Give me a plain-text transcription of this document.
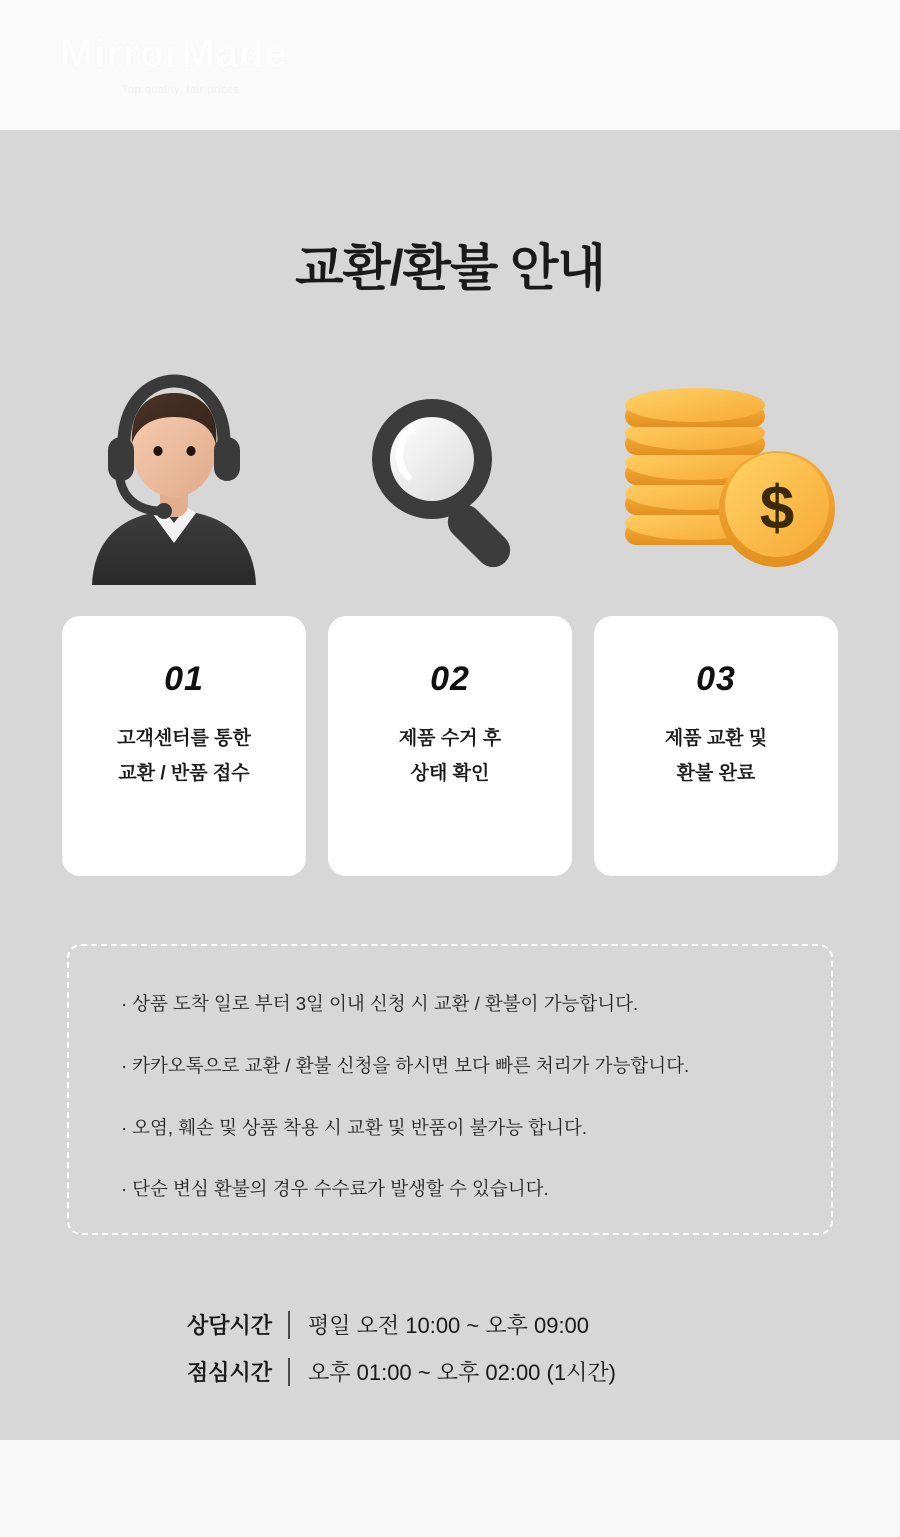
MirrorMade
Top quality, fair prices
교환/환불 안내
$
01
고객센터를 통한
교환 / 반품 접수
02
제품 수거 후
상태 확인
03
제품 교환 및
환불 완료
· 상품 도착 일로 부터 3일 이내 신청 시 교환 / 환불이 가능합니다.
· 카카오톡으로 교환 / 환불 신청을 하시면 보다 빠른 처리가 가능합니다.
· 오염, 훼손 및 상품 착용 시 교환 및 반품이 불가능 합니다.
· 단순 변심 환불의 경우 수수료가 발생할 수 있습니다.
상담시간	평일 오전 10:00 ~ 오후 09:00
점심시간	오후 01:00 ~ 오후 02:00 (1시간)
